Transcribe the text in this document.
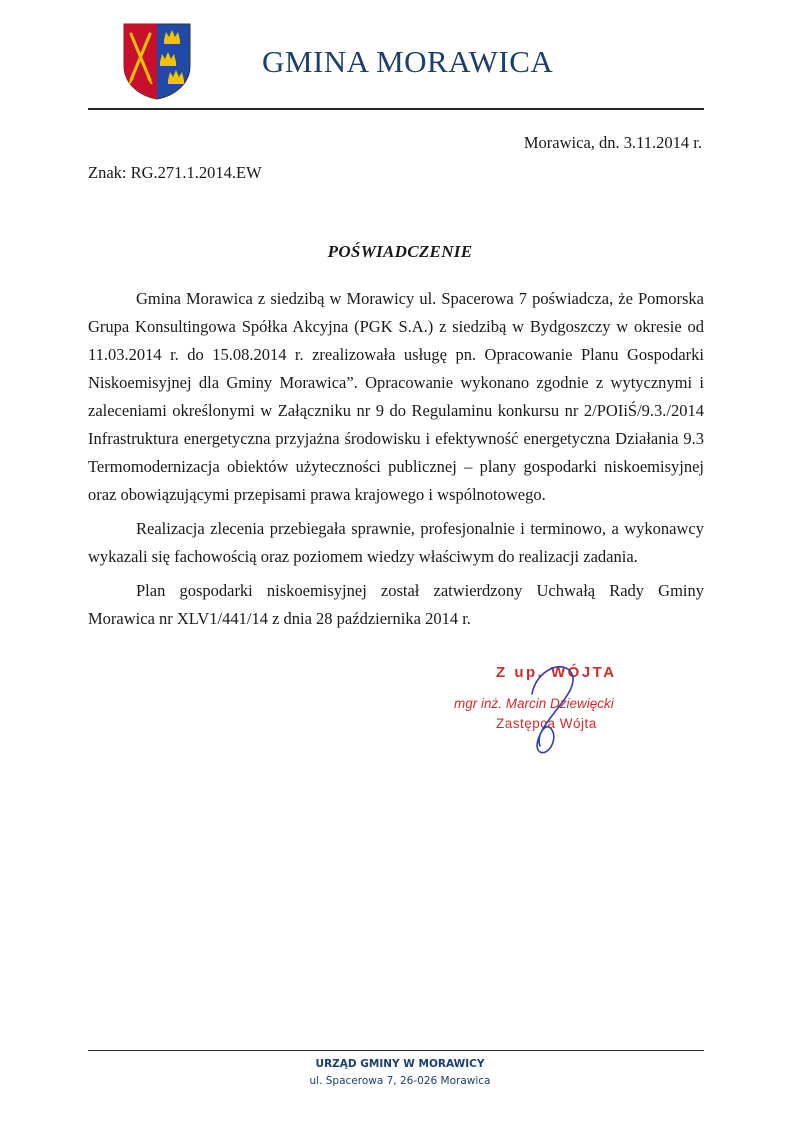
GMINA MORAWICA
Morawica, dn. 3.11.2014 r.
Znak: RG.271.1.2014.EW
POŚWIADCZENIE

Gmina Morawica z siedzibą w Morawicy ul. Spacerowa 7 poświadcza, że Pomorska Grupa Konsultingowa Spółka Akcyjna (PGK S.A.) z siedzibą w Bydgoszczy w okresie od 11.03.2014 r. do 15.08.2014 r. zrealizowała usługę pn. Opracowanie Planu Gospodarki Niskoemisyjnej dla Gminy Morawica”. Opracowanie wykonano zgodnie z wytycznymi i zaleceniami określonymi w Załączniku nr 9 do Regulaminu konkursu nr 2/POIiŚ/9.3./2014 Infrastruktura energetyczna przyjażna środowisku i efektywność energetyczna Działania 9.3 Termomodernizacja obiektów użyteczności publicznej – plany gospodarki niskoemisyjnej oraz obowiązującymi przepisami prawa krajowego i wspólnotowego.

Realizacja zlecenia przebiegała sprawnie, profesjonalnie i terminowo, a wykonawcy wykazali się fachowością oraz poziomem wiedzy właściwym do realizacji zadania.

Plan gospodarki niskoemisyjnej został zatwierdzony Uchwałą Rady Gminy Morawica nr XLV1/441/14 z dnia 28 października 2014 r.

Z up. WÓJTA
mgr inż. Marcin Dziewięcki
Zastępca Wójta
URZĄD GMINY W MORAWICY
ul. Spacerowa 7, 26-026 Morawica
